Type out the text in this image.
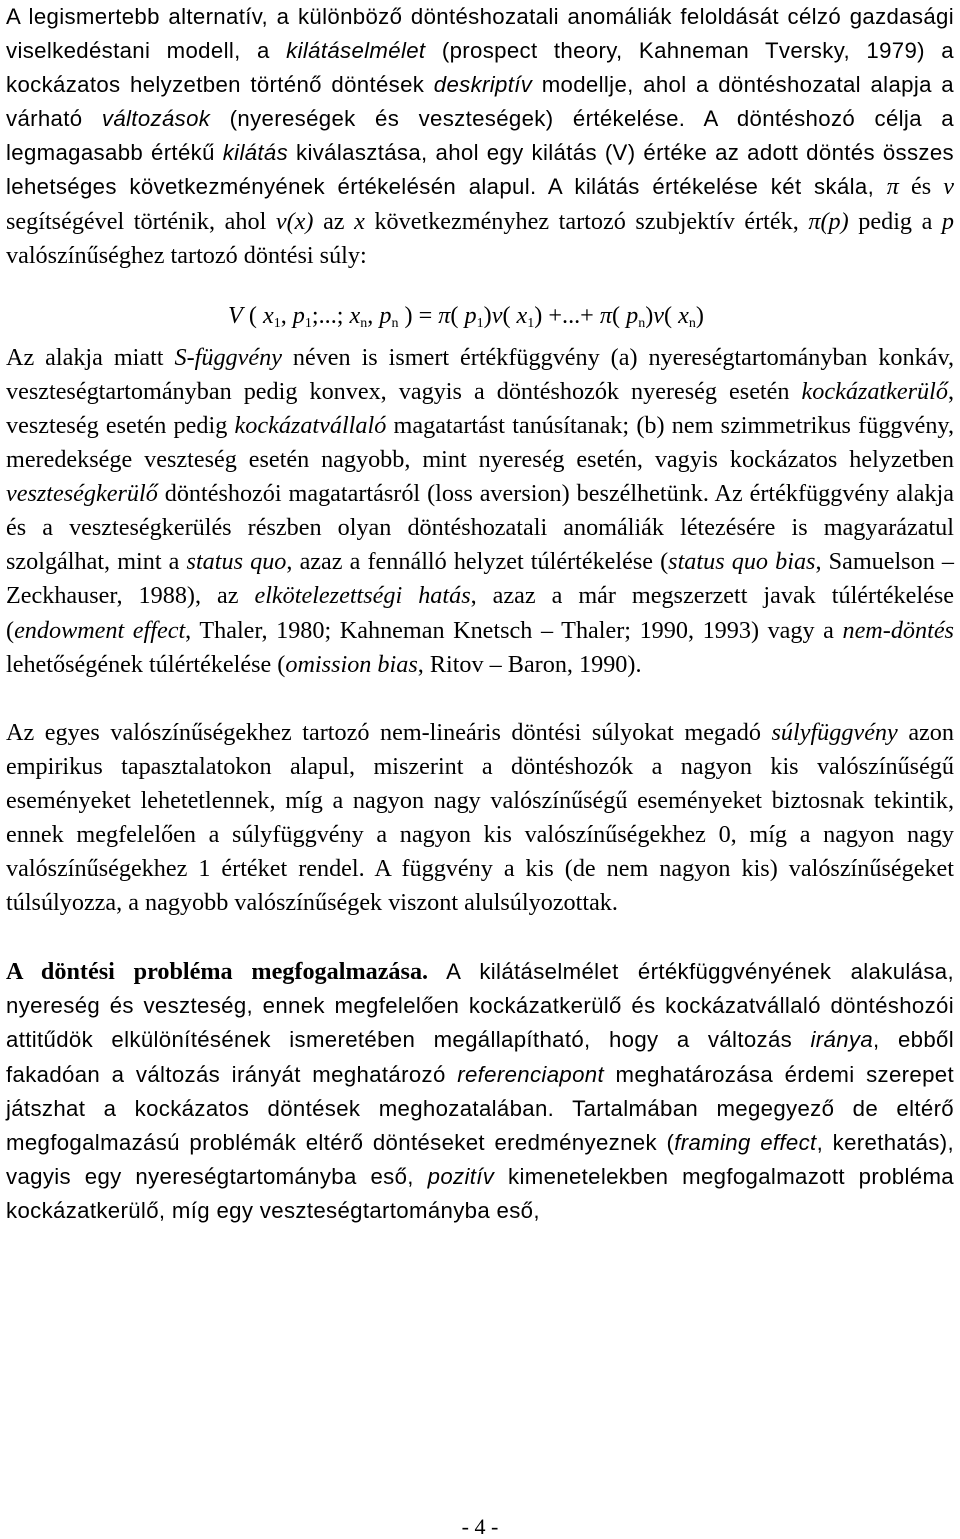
A legismertebb alternatív, a különböző döntéshozatali anomáliák feloldását célzó gazdasági viselkedéstani modell, a kilátáselmélet (prospect theory, Kahneman Tversky, 1979) a kockázatos helyzetben történő döntések deskriptív modellje, ahol a döntéshozatal alapja a várható változások (nyereségek és veszteségek) értékelése. A döntéshozó célja a legmagasabb értékű kilátás kiválasztása, ahol egy kilátás (V) értéke az adott döntés összes lehetséges következményének értékelésén alapul. A kilátás értékelése két skála, π és v segítségével történik, ahol v(x) az x következményhez tartozó szubjektív érték, π(p) pedig a p valószínűséghez tartozó döntési súly:

V ( $x_1$, $p_1$;...; $x_n$, $p_n$ ) = π( $p_1)v$( $x_1$) +...+ π( $p_n)v$( $x_n$)

Az alakja miatt S-függvény néven is ismert értékfüggvény (a) nyereségtartományban konkáv, veszteségtartományban pedig konvex, vagyis a döntéshozók nyereség esetén kockázatkerülő, veszteség esetén pedig kockázatvállaló magatartást tanúsítanak; (b) nem szimmetrikus függvény, meredeksége veszteség esetén nagyobb, mint nyereség esetén, vagyis kockázatos helyzetben veszteségkerülő döntéshozói magatartásról (loss aversion) beszélhetünk. Az értékfüggvény alakja és a veszteségkerülés részben olyan döntéshozatali anomáliák létezésére is magyarázatul szolgálhat, mint a status quo, azaz a fennálló helyzet túlértékelése (status quo bias, Samuelson – Zeckhauser, 1988), az elkötelezettségi hatás, azaz a már megszerzett javak túlértékelése (endowment effect, Thaler, 1980; Kahneman Knetsch – Thaler; 1990, 1993) vagy a nem-döntés lehetőségének túlértékelése (omission bias, Ritov – Baron, 1990).

Az egyes valószínűségekhez tartozó nem-lineáris döntési súlyokat megadó súlyfüggvény azon empirikus tapasztalatokon alapul, miszerint a döntéshozók a nagyon kis valószínűségű eseményeket lehetetlennek, míg a nagyon nagy valószínűségű eseményeket biztosnak tekintik, ennek megfelelően a súlyfüggvény a nagyon kis valószínűségekhez 0, míg a nagyon nagy valószínűségekhez 1 értéket rendel. A függvény a kis (de nem nagyon kis) valószínűségeket túlsúlyozza, a nagyobb valószínűségek viszont alulsúlyozottak.

A döntési probléma megfogalmazása. A kilátáselmélet értékfüggvényének alakulása, nyereség és veszteség, ennek megfelelően kockázatkerülő és kockázatvállaló döntéshozói attitűdök elkülönítésének ismeretében megállapítható, hogy a változás iránya, ebből fakadóan a változás irányát meghatározó referenciapont meghatározása érdemi szerepet játszhat a kockázatos döntések meghozatalában. Tartalmában megegyező de eltérő megfogalmazású problémák eltérő döntéseket eredményeznek (framing effect, kerethatás), vagyis egy nyereségtartományba eső, pozitív kimenetelekben megfogalmazott probléma kockázatkerülő, míg egy veszteségtartományba eső,

- 4 -
